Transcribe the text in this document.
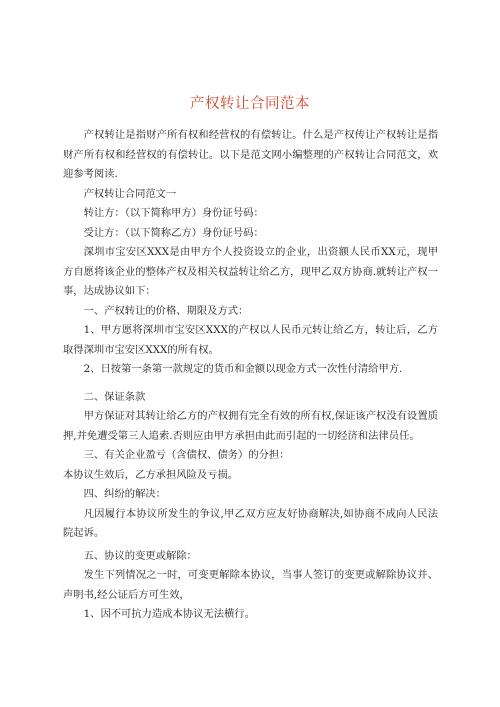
产权转让合同范本

产权转让是指财产所有权和经营权的有偿转让。什么是产权传让产权转让是指财产所有权和经营权的有偿转让。以下是范文网小编整理的产权转让合同范文，欢迎参考阅读.

产权转让合同范文一

转让方：（以下简称甲方）身份证号码：

受让方：（以下简称乙方）身份证号码：

深圳市宝安区XXX是由甲方个人投资设立的企业，出资额人民币XX元，现甲方自愿将该企业的整体产权及相关权益转让给乙方，现甲乙双方协商.就转让产权一事，达成协议如下：

一、产权转让的价格、期限及方式：

1、甲方愿将深圳市宝安区XXX的产权以人民币元转让给乙方，转让后，乙方取得深圳市宝安区XXX的所有权。

2、日按第一条第一款规定的货币和金额以现金方式一次性付清给甲方.

二、保证条款

甲方保证对其转让给乙方的产权拥有完全有效的所有权,保证该产权没有设置质押,并免遭受第三人追索.否则应由甲方承担由此而引起的一切经济和法律员任。

三、有关企业盈亏（含债权、债务）的分担：

本协议生效后，乙方承担风险及亏损。

四、纠纷的解决：

凡因履行本协议所发生的争议,甲乙双方应友好协商解决,如协商不成向人民法院起诉。

五、协议的变更或解除：

发生下列情况之一时，可变更解除本协议，当事人签订的变更或解除协议并、声明书,经公证后方可生效，

1、因不可抗力造成本协议无法横行。
